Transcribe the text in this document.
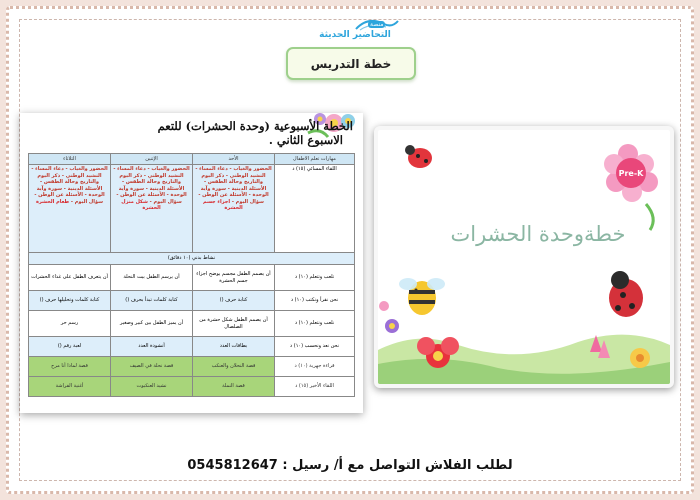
منصة
التحاضير الحديثة
خطة التدريس
الخطة الأسبوعية (وحدة الحشرات) للتعم
الاسبوع الثاني .
مهارات تعلم الاطفال	الأحد	الإثنين	الثلاثاء
اللقاء المسائي (١٥) د	الحضور والغياب - دعاء المساء - النشيد الوطني - ذكر اليوم والتاريخ وحالة الطقس - الأسئلة الدينية - سورة وآية الوحدة - الأسئلة عن الوطن - سؤال اليوم - اجزاء جسم الحشرة	الحضور والغياب - دعاء المساء - النشيد الوطني - ذكر اليوم والتاريخ وحالة الطقس - الأسئلة الدينية - سورة وآية الوحدة - الأسئلة عن الوطن - سؤال اليوم - شكل منزل الحشرة	الحضور والغياب - دعاء المساء - النشيد الوطني - ذكر اليوم والتاريخ وحالة الطقس - الأسئلة الدينية - سورة وآية الوحدة - الأسئلة عن الوطن - سؤال اليوم - طعام الحشرة
نشاط بدني (١٠ دقائق)			
تلعب وتتعلم (١٠) د	أن يصمم الطفل مجسم يوضح اجزاء جسم الحشرة	أن يرسم الطفل بيت النحلة	أن يتعرف الطفل على غذاء الحشرات
نحن نقرأ ونكتب (١٠) د	كتابة حرف ()	كتابة كلمات تبدأ بحرف ()	كتابة كلمات وتحليلها حرف ()
نلعب ونتعلم (١٠) د	أن يصمم الطفل شكل حشرة من الصلصال	أن يميز الطفل بين كبير وصغير	رسم حر
نحن نعد ونحسب (١٠) د	بطاقات العدد	أنشودة العدد	لعبة رقم ()
قراءة جهرية (١٠) د	قصة النحلان والعنكب	قصة نحلة في الصيف	قصة لماذا أنا مرح
اللقاء الأخير (١٥) د	قصة النملة	نشيد العنكبوت	أغنية الفراشة
Pre-K
خطةوحدة الحشرات
لطلب الفلاش التواصل مع أ/ رسيل : 0545812647
